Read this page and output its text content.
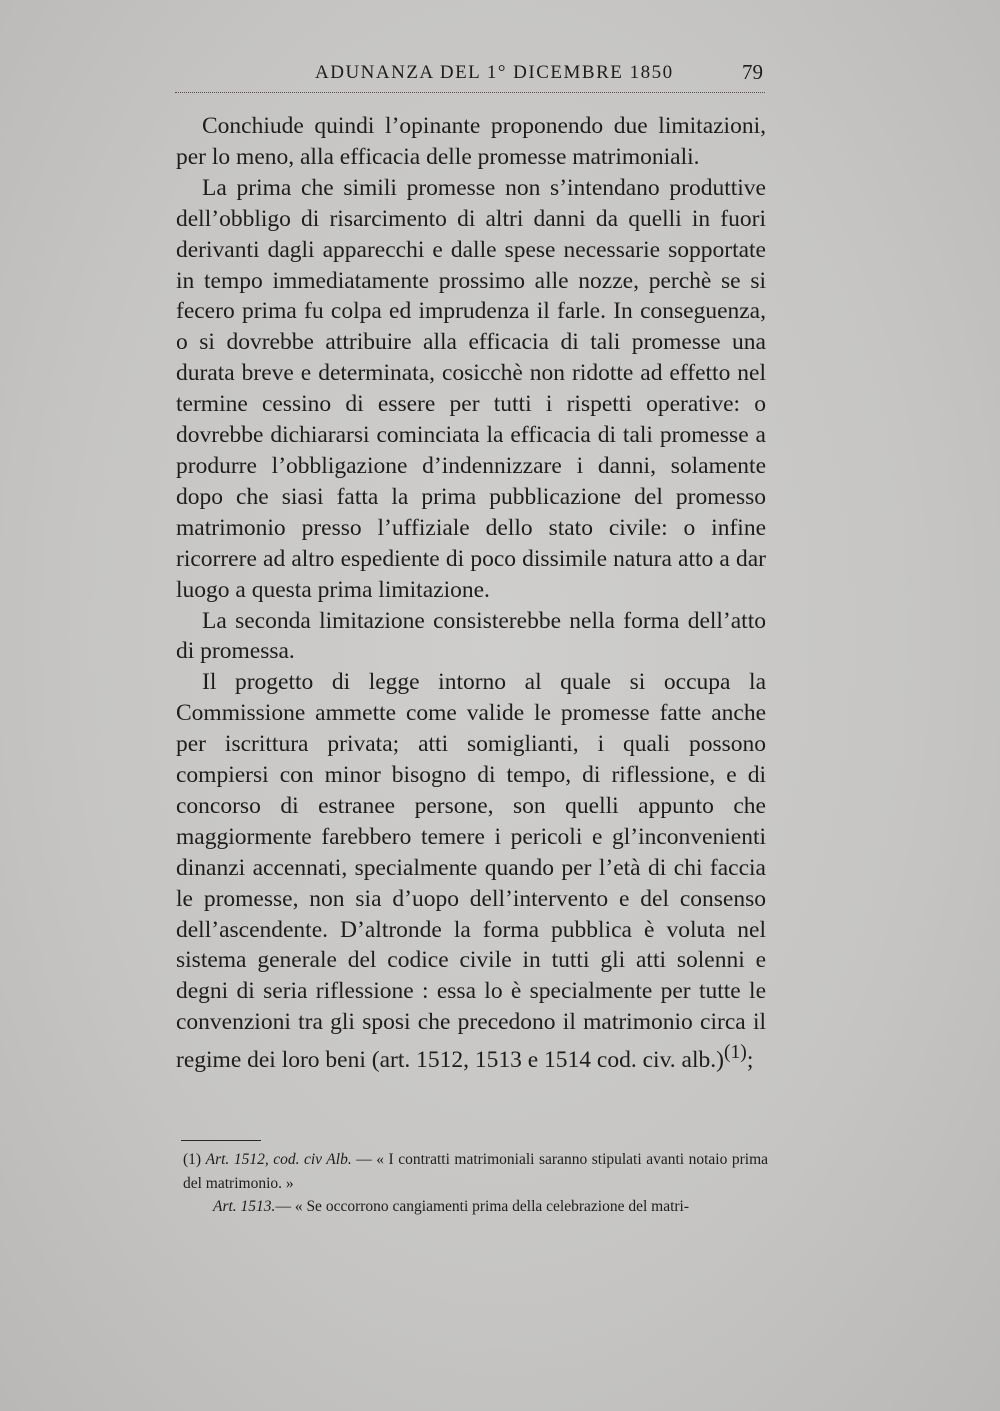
ADUNANZA DEL 1° DICEMBRE 1850	79

Conchiude quindi l’opinante proponendo due limitazioni, per lo meno, alla efficacia delle promesse matrimoniali.

La prima che simili promesse non s’intendano produttive dell’obbligo di risarcimento di altri danni da quelli in fuori derivanti dagli apparecchi e dalle spese necessarie sopportate in tempo immediatamente prossimo alle nozze, perchè se si fecero prima fu colpa ed imprudenza il farle. In conseguenza, o si dovrebbe attribuire alla efficacia di tali promesse una durata breve e determinata, cosicchè non ridotte ad effetto nel termine cessino di essere per tutti i rispetti operative: o dovrebbe dichiararsi cominciata la efficacia di tali promesse a produrre l’obbligazione d’indennizzare i danni, solamente dopo che siasi fatta la prima pubblicazione del promesso matrimonio presso l’uffiziale dello stato civile: o infine ricorrere ad altro espediente di poco dissimile natura atto a dar luogo a questa prima limitazione.

La seconda limitazione consisterebbe nella forma dell’atto di promessa.

Il progetto di legge intorno al quale si occupa la Commissione ammette come valide le promesse fatte anche per iscrittura privata; atti somiglianti, i quali possono compiersi con minor bisogno di tempo, di riflessione, e di concorso di estranee persone, son quelli appunto che maggiormente farebbero temere i pericoli e gl’inconvenienti dinanzi accennati, specialmente quando per l’età di chi faccia le promesse, non sia d’uopo dell’intervento e del consenso dell’ascendente. D’altronde la forma pubblica è voluta nel sistema generale del codice civile in tutti gli atti solenni e degni di seria riflessione : essa lo è specialmente per tutte le convenzioni tra gli sposi che precedono il matrimonio circa il regime dei loro beni (art. 1512, 1513 e 1514 cod. civ. alb.)$^{(1)}$;

(1) Art. 1512, cod. civ Alb. — « I contratti matrimoniali saranno stipulati avanti notaio prima del matrimonio. »

Art. 1513.— « Se occorrono cangiamenti prima della celebrazione del matri-
